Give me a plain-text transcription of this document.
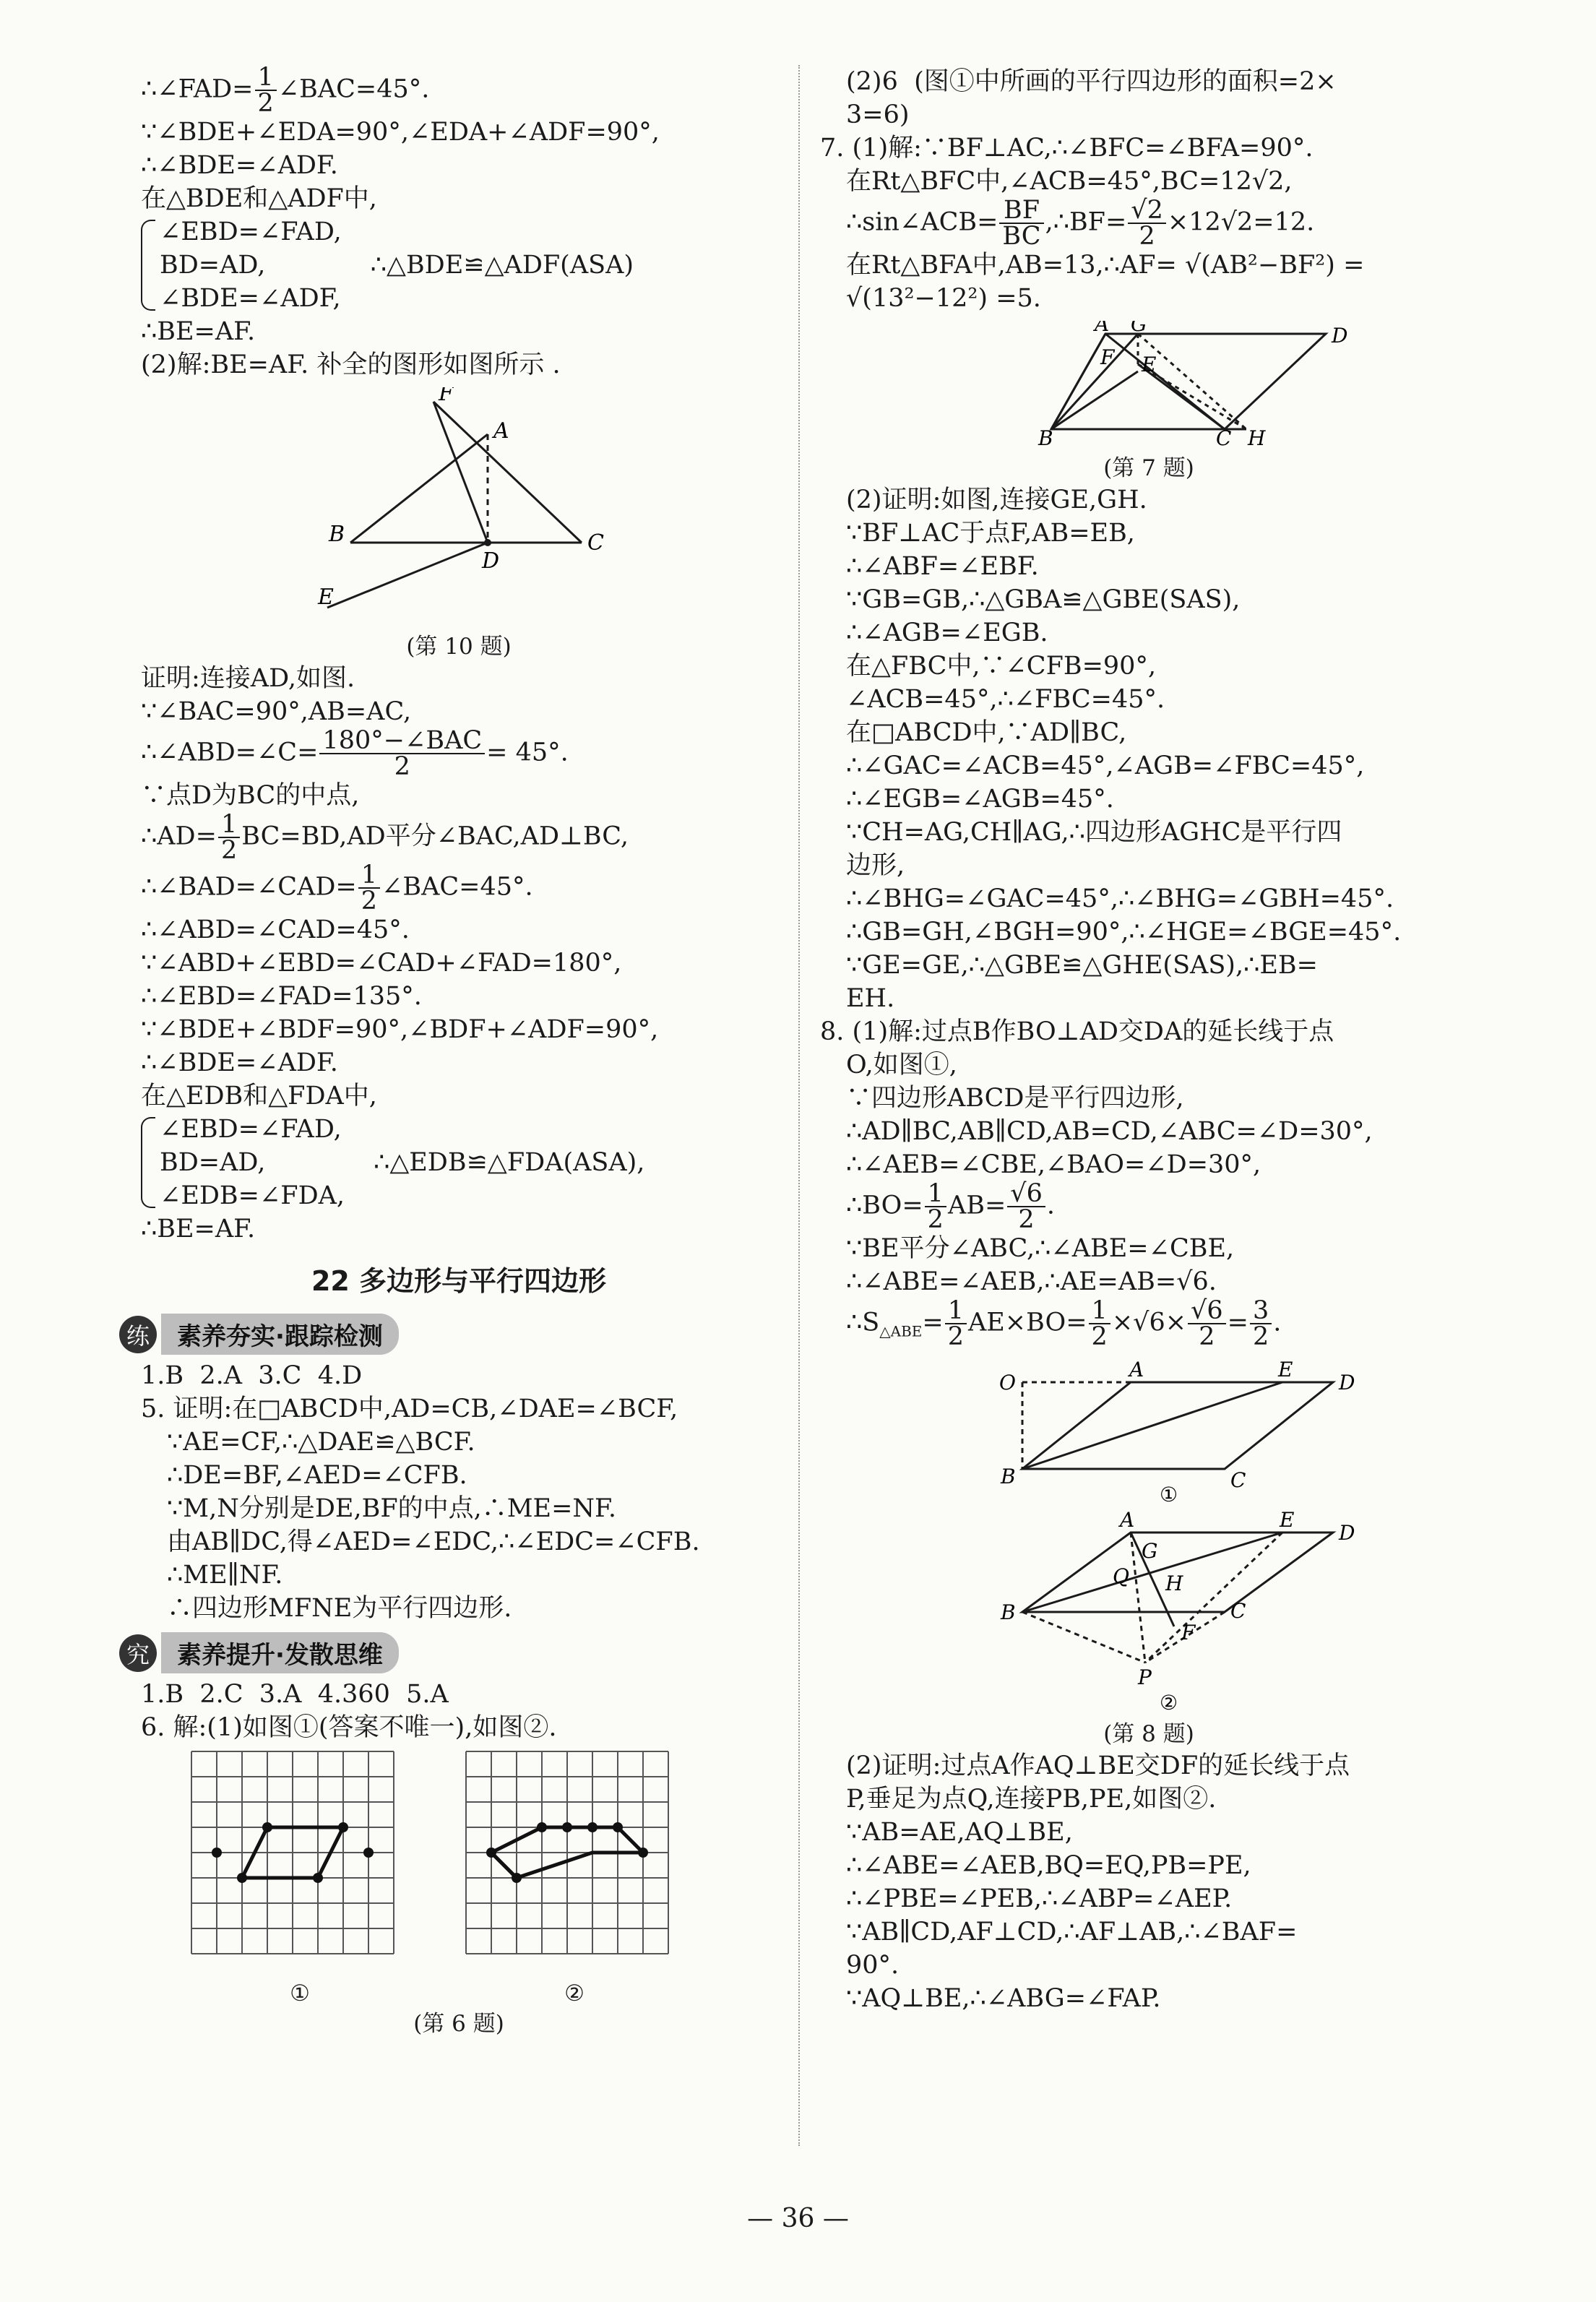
∴∠FAD= $\frac{1}{2}$ ∠BAC=45°.
∵∠BDE+∠EDA=90°,∠EDA+∠ADF=90°,
∴∠BDE=∠ADF.
在△BDE和△ADF中,
∠EBD=∠FAD,
BD=AD,
∠BDE=∠ADF,
∴△BDE≌△ADF(ASA)
∴BE=AF.
(2)解:BE=AF. 补全的图形如图所示 .
F
A
B	C
D
E
(第 10 题)
证明:连接AD,如图.
∵∠BAC=90°,AB=AC,
∴∠ABD=∠C= $\frac{\text{180°−∠BAC}}{2} = 45^\circ$.
∵点D为BC的中点,
∴AD= $\frac{1}{2} BC=BD,AD$平分∠BAC,AD⊥BC,
∴∠BAD=∠CAD= $\frac{1}{2}$ ∠BAC=45°.
∴∠ABD=∠CAD=45°.
∵∠ABD+∠EBD=∠CAD+∠FAD=180°,
∴∠EBD=∠FAD=135°.
∵∠BDE+∠BDF=90°,∠BDF+∠ADF=90°,
∴∠BDE=∠ADF.
在△EDB和△FDA中,
∠EBD=∠FAD,
BD=AD,
∠EDB=∠FDA,
∴△EDB≌△FDA(ASA),
∴BE=AF.
22 多边形与平行四边形
练	素养夯实·跟踪检测
1.B  2.A  3.C  4.D
5. 证明:在□ABCD中,AD=CB,∠DAE=∠BCF,
∵AE=CF,∴△DAE≌△BCF.
∴DE=BF,∠AED=∠CFB.
∵M,N分别是DE,BF的中点,∴ME=NF.
由AB∥DC,得∠AED=∠EDC,∴∠EDC=∠CFB.
∴ME∥NF.
∴四边形MFNE为平行四边形.
究	素养提升·发散思维
1.B  2.C  3.A  4.360  5.A
6. 解:(1)如图①(答案不唯一),如图②.
①	②
(第 6 题)
(2)6  (图①中所画的平行四边形的面积=2×
3=6)
7. (1)解:∵BF⊥AC,∴∠BFC=∠BFA=90°.
在Rt△BFC中,∠ACB=45°,BC=12√2,
∴sin∠ACB= $\frac{BF}{BC}$ ,∴BF= $\frac{√2}{2} \times 12√2=12$.
在Rt△BFA中,AB=13,∴AF= √(AB²−BF²) =
√(13²−12²) =5.
A G	D
F E
B	C H
(第 7 题)
(2)证明:如图,连接GE,GH.
∵BF⊥AC于点F,AB=EB,
∴∠ABF=∠EBF.
∵GB=GB,∴△GBA≌△GBE(SAS),
∴∠AGB=∠EGB.
在△FBC中,∵∠CFB=90°,
∠ACB=45°,∴∠FBC=45°.
在□ABCD中,∵AD∥BC,
∴∠GAC=∠ACB=45°,∠AGB=∠FBC=45°,
∴∠EGB=∠AGB=45°.
∵CH=AG,CH∥AG,∴四边形AGHC是平行四
边形,
∴∠BHG=∠GAC=45°,∴∠BHG=∠GBH=45°.
∴GB=GH,∠BGH=90°,∴∠HGE=∠BGE=45°.
∵GE=GE,∴△GBE≌△GHE(SAS),∴EB=
EH.
8. (1)解:过点B作BO⊥AD交DA的延长线于点
O,如图①,
∵四边形ABCD是平行四边形,
∴AD∥BC,AB∥CD,AB=CD,∠ABC=∠D=30°,
∴∠AEB=∠CBE,∠BAO=∠D=30°,
∴BO= $\frac{1}{2} AB= \frac{√6}{2}$ .
∵BE平分∠ABC,∴∠ABE=∠CBE,
∴∠ABE=∠AEB,∴AE=AB=√6.
$\therefore S_{\triangle ABE}= \frac{1}{2} AE\times BO= \frac{1}{2} \times√6\times \frac{√6}{2} = \frac{3}{2}$ .
O
A	E
D
B	C
①
A	E
D
G
Q H
B	C
F
P
②
(第 8 题)
(2)证明:过点A作AQ⊥BE交DF的延长线于点
P,垂足为点Q,连接PB,PE,如图②.
∵AB=AE,AQ⊥BE,
∴∠ABE=∠AEB,BQ=EQ,PB=PE,
∴∠PBE=∠PEB,∴∠ABP=∠AEP.
∵AB∥CD,AF⊥CD,∴AF⊥AB,∴∠BAF=
90°.
∵AQ⊥BE,∴∠ABG=∠FAP.
— 36 —
